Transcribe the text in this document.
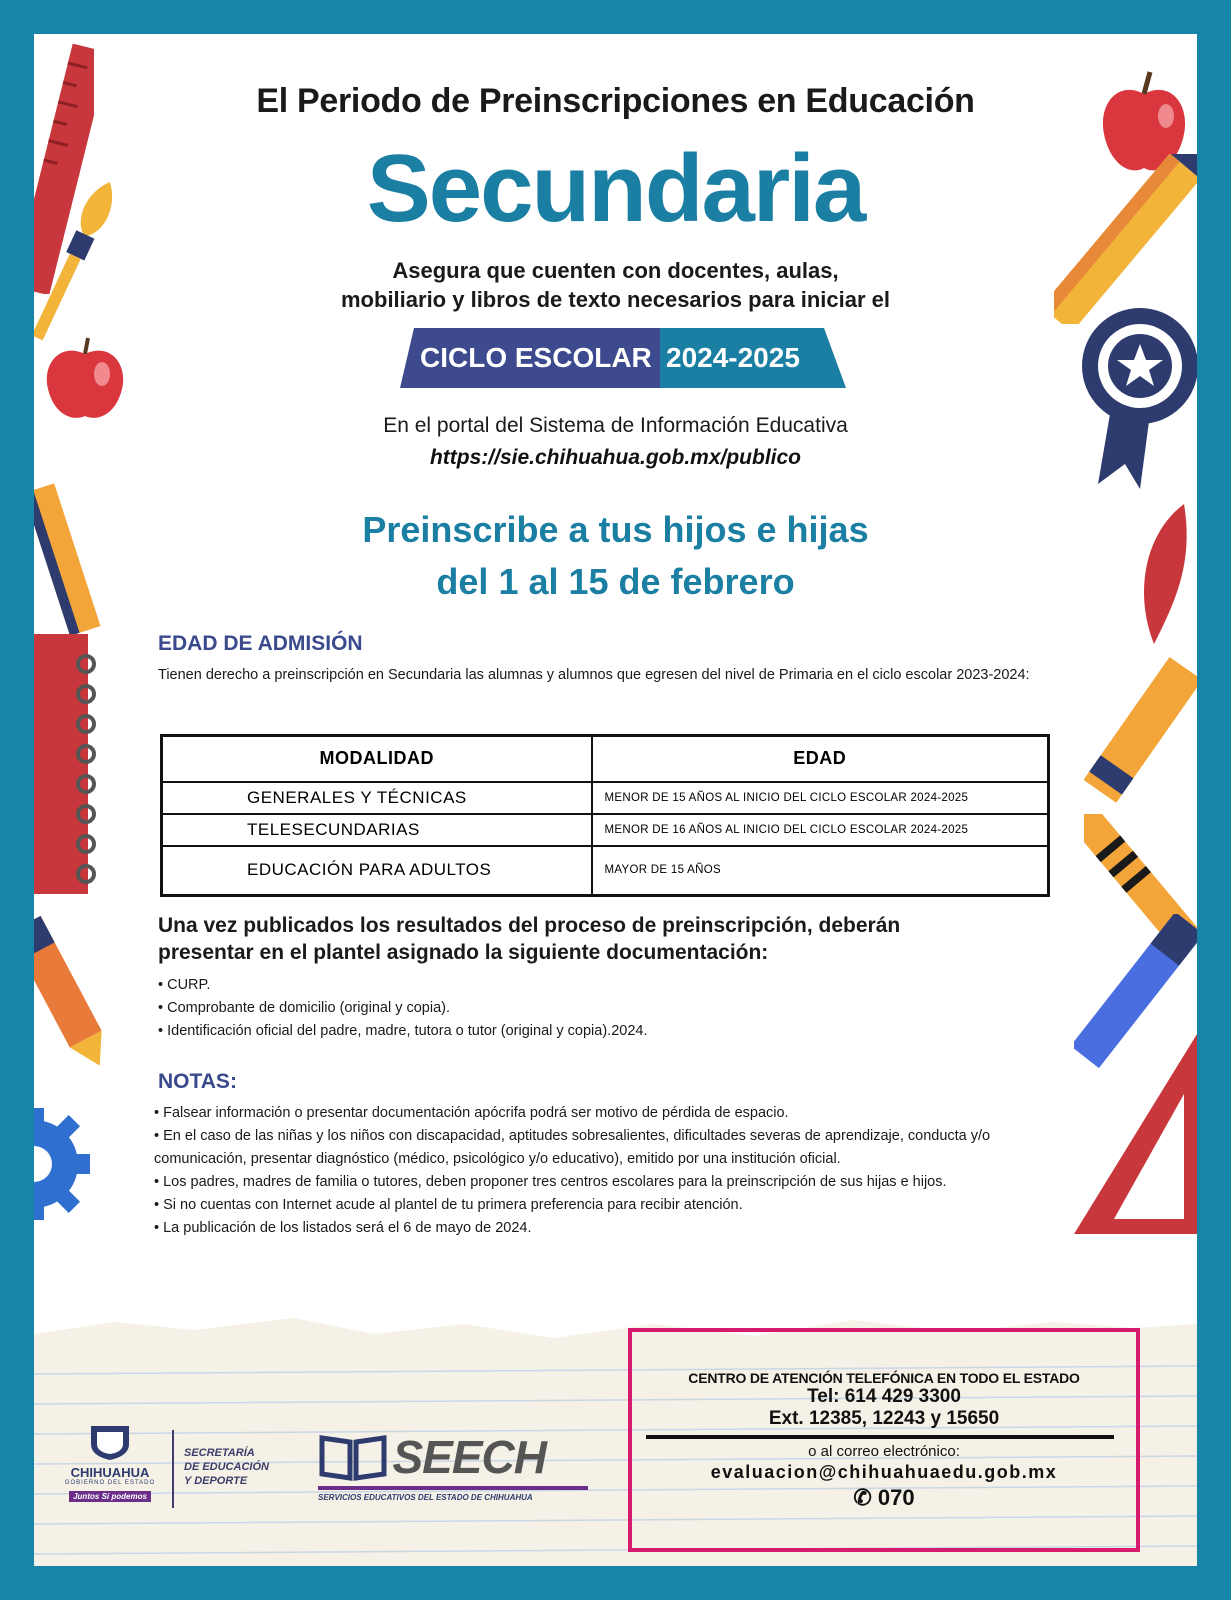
El Periodo de Preinscripciones en Educación
Secundaria
Asegura que cuenten con docentes, aulas,
mobiliario y libros de texto necesarios para iniciar el
CICLO ESCOLAR 2024-2025
En el portal del Sistema de Información Educativa
https://sie.chihuahua.gob.mx/publico
Preinscribe a tus hijos e hijas
del 1 al 15 de febrero
EDAD DE ADMISIÓN
Tienen derecho a preinscripción en Secundaria las alumnas y alumnos que egresen del nivel de Primaria en el ciclo escolar 2023-2024:
MODALIDAD	EDAD
GENERALES Y TÉCNICAS	MENOR DE 15 AÑOS AL INICIO DEL CICLO ESCOLAR 2024-2025
TELESECUNDARIAS	MENOR DE 16 AÑOS AL INICIO DEL CICLO ESCOLAR 2024-2025
EDUCACIÓN PARA ADULTOS	MAYOR DE 15 AÑOS
Una vez publicados los resultados del proceso de preinscripción, deberán
presentar en el plantel asignado la siguiente documentación:
• CURP.
• Comprobante de domicilio (original y copia).
• Identificación oficial del padre, madre, tutora o tutor (original y copia).2024.
NOTAS:
• Falsear información o presentar documentación apócrifa podrá ser motivo de pérdida de espacio.
• En el caso de las niñas y los niños con discapacidad, aptitudes sobresalientes, dificultades severas de aprendizaje, conducta y/o comunicación, presentar diagnóstico (médico, psicológico y/o educativo), emitido por una institución oficial.
• Los padres, madres de familia o tutores, deben proponer tres centros escolares para la preinscripción de sus hijas e hijos.
• Si no cuentas con Internet acude al plantel de tu primera preferencia para recibir atención.
• La publicación de los listados será el 6 de mayo de 2024.
CHIHUAHUA
GOBIERNO DEL ESTADO
Juntos Sí podemos
SECRETARÍA
DE EDUCACIÓN
Y DEPORTE	SEECH
SERVICIOS EDUCATIVOS DEL ESTADO DE CHIHUAHUA
CENTRO DE ATENCIÓN TELEFÓNICA EN TODO EL ESTADO
Tel: 614 429 3300
Ext. 12385, 12243 y 15650
o al correo electrónico:
evaluacion@chihuahuaedu.gob.mx
✆ 070
